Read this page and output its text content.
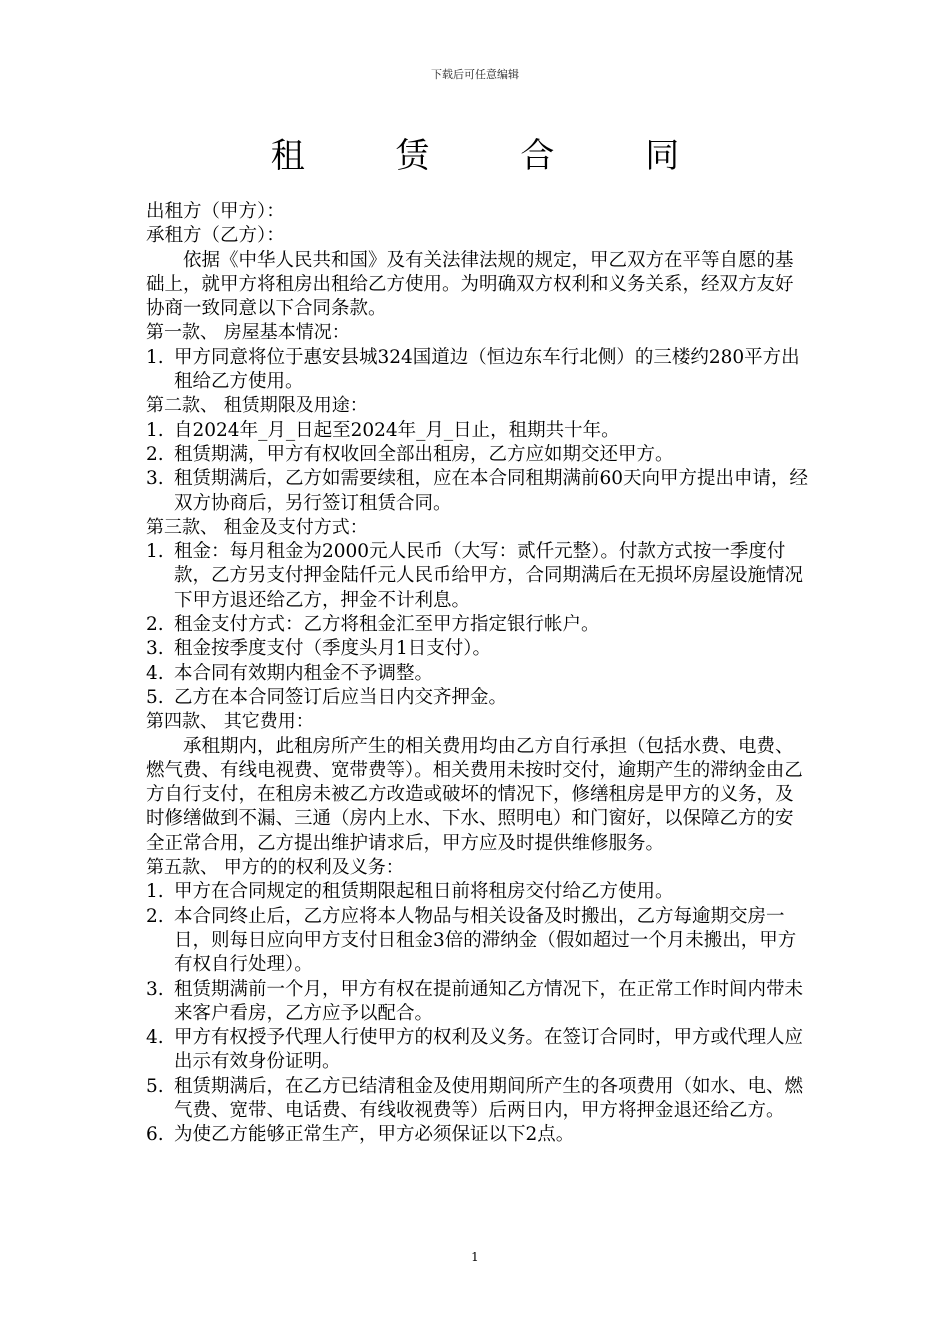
下载后可任意编辑
租 赁 合 同
出租方（甲方）：
承租方（乙方）：
依据《中华人民共和国》及有关法律法规的规定，甲乙双方在平等自愿的基础上，就甲方将租房出租给乙方使用。为明确双方权利和义务关系，经双方友好协商一致同意以下合同条款。
第一款、 房屋基本情况：
1. 甲方同意将位于惠安县城324国道边（恒边东车行北侧）的三楼约280平方出租给乙方使用。
第二款、 租赁期限及用途：
1. 自2024年_月_日起至2024年_月_日止，租期共十年。
2. 租赁期满，甲方有权收回全部出租房，乙方应如期交还甲方。
3. 租赁期满后，乙方如需要续租，应在本合同租期满前60天向甲方提出申请，经双方协商后，另行签订租赁合同。
第三款、 租金及支付方式：
1. 租金：每月租金为2000元人民币（大写：贰仟元整）。付款方式按一季度付款，乙方另支付押金陆仟元人民币给甲方，合同期满后在无损坏房屋设施情况下甲方退还给乙方，押金不计利息。
2. 租金支付方式：乙方将租金汇至甲方指定银行帐户。
3. 租金按季度支付（季度头月1日支付）。
4. 本合同有效期内租金不予调整。
5. 乙方在本合同签订后应当日内交齐押金。
第四款、 其它费用：
承租期内，此租房所产生的相关费用均由乙方自行承担（包括水费、电费、燃气费、有线电视费、宽带费等）。相关费用未按时交付，逾期产生的滞纳金由乙方自行支付，在租房未被乙方改造或破坏的情况下，修缮租房是甲方的义务，及时修缮做到不漏、三通（房内上水、下水、照明电）和门窗好，以保障乙方的安全正常合用，乙方提出维护请求后，甲方应及时提供维修服务。
第五款、 甲方的的权利及义务：
1. 甲方在合同规定的租赁期限起租日前将租房交付给乙方使用。
2. 本合同终止后，乙方应将本人物品与相关设备及时搬出，乙方每逾期交房一日，则每日应向甲方支付日租金3倍的滞纳金（假如超过一个月未搬出，甲方有权自行处理）。
3. 租赁期满前一个月，甲方有权在提前通知乙方情况下，在正常工作时间内带未来客户看房，乙方应予以配合。
4. 甲方有权授予代理人行使甲方的权利及义务。在签订合同时，甲方或代理人应出示有效身份证明。
5. 租赁期满后，在乙方已结清租金及使用期间所产生的各项费用（如水、电、燃气费、宽带、电话费、有线收视费等）后两日内，甲方将押金退还给乙方。
6. 为使乙方能够正常生产，甲方必须保证以下2点。
1
